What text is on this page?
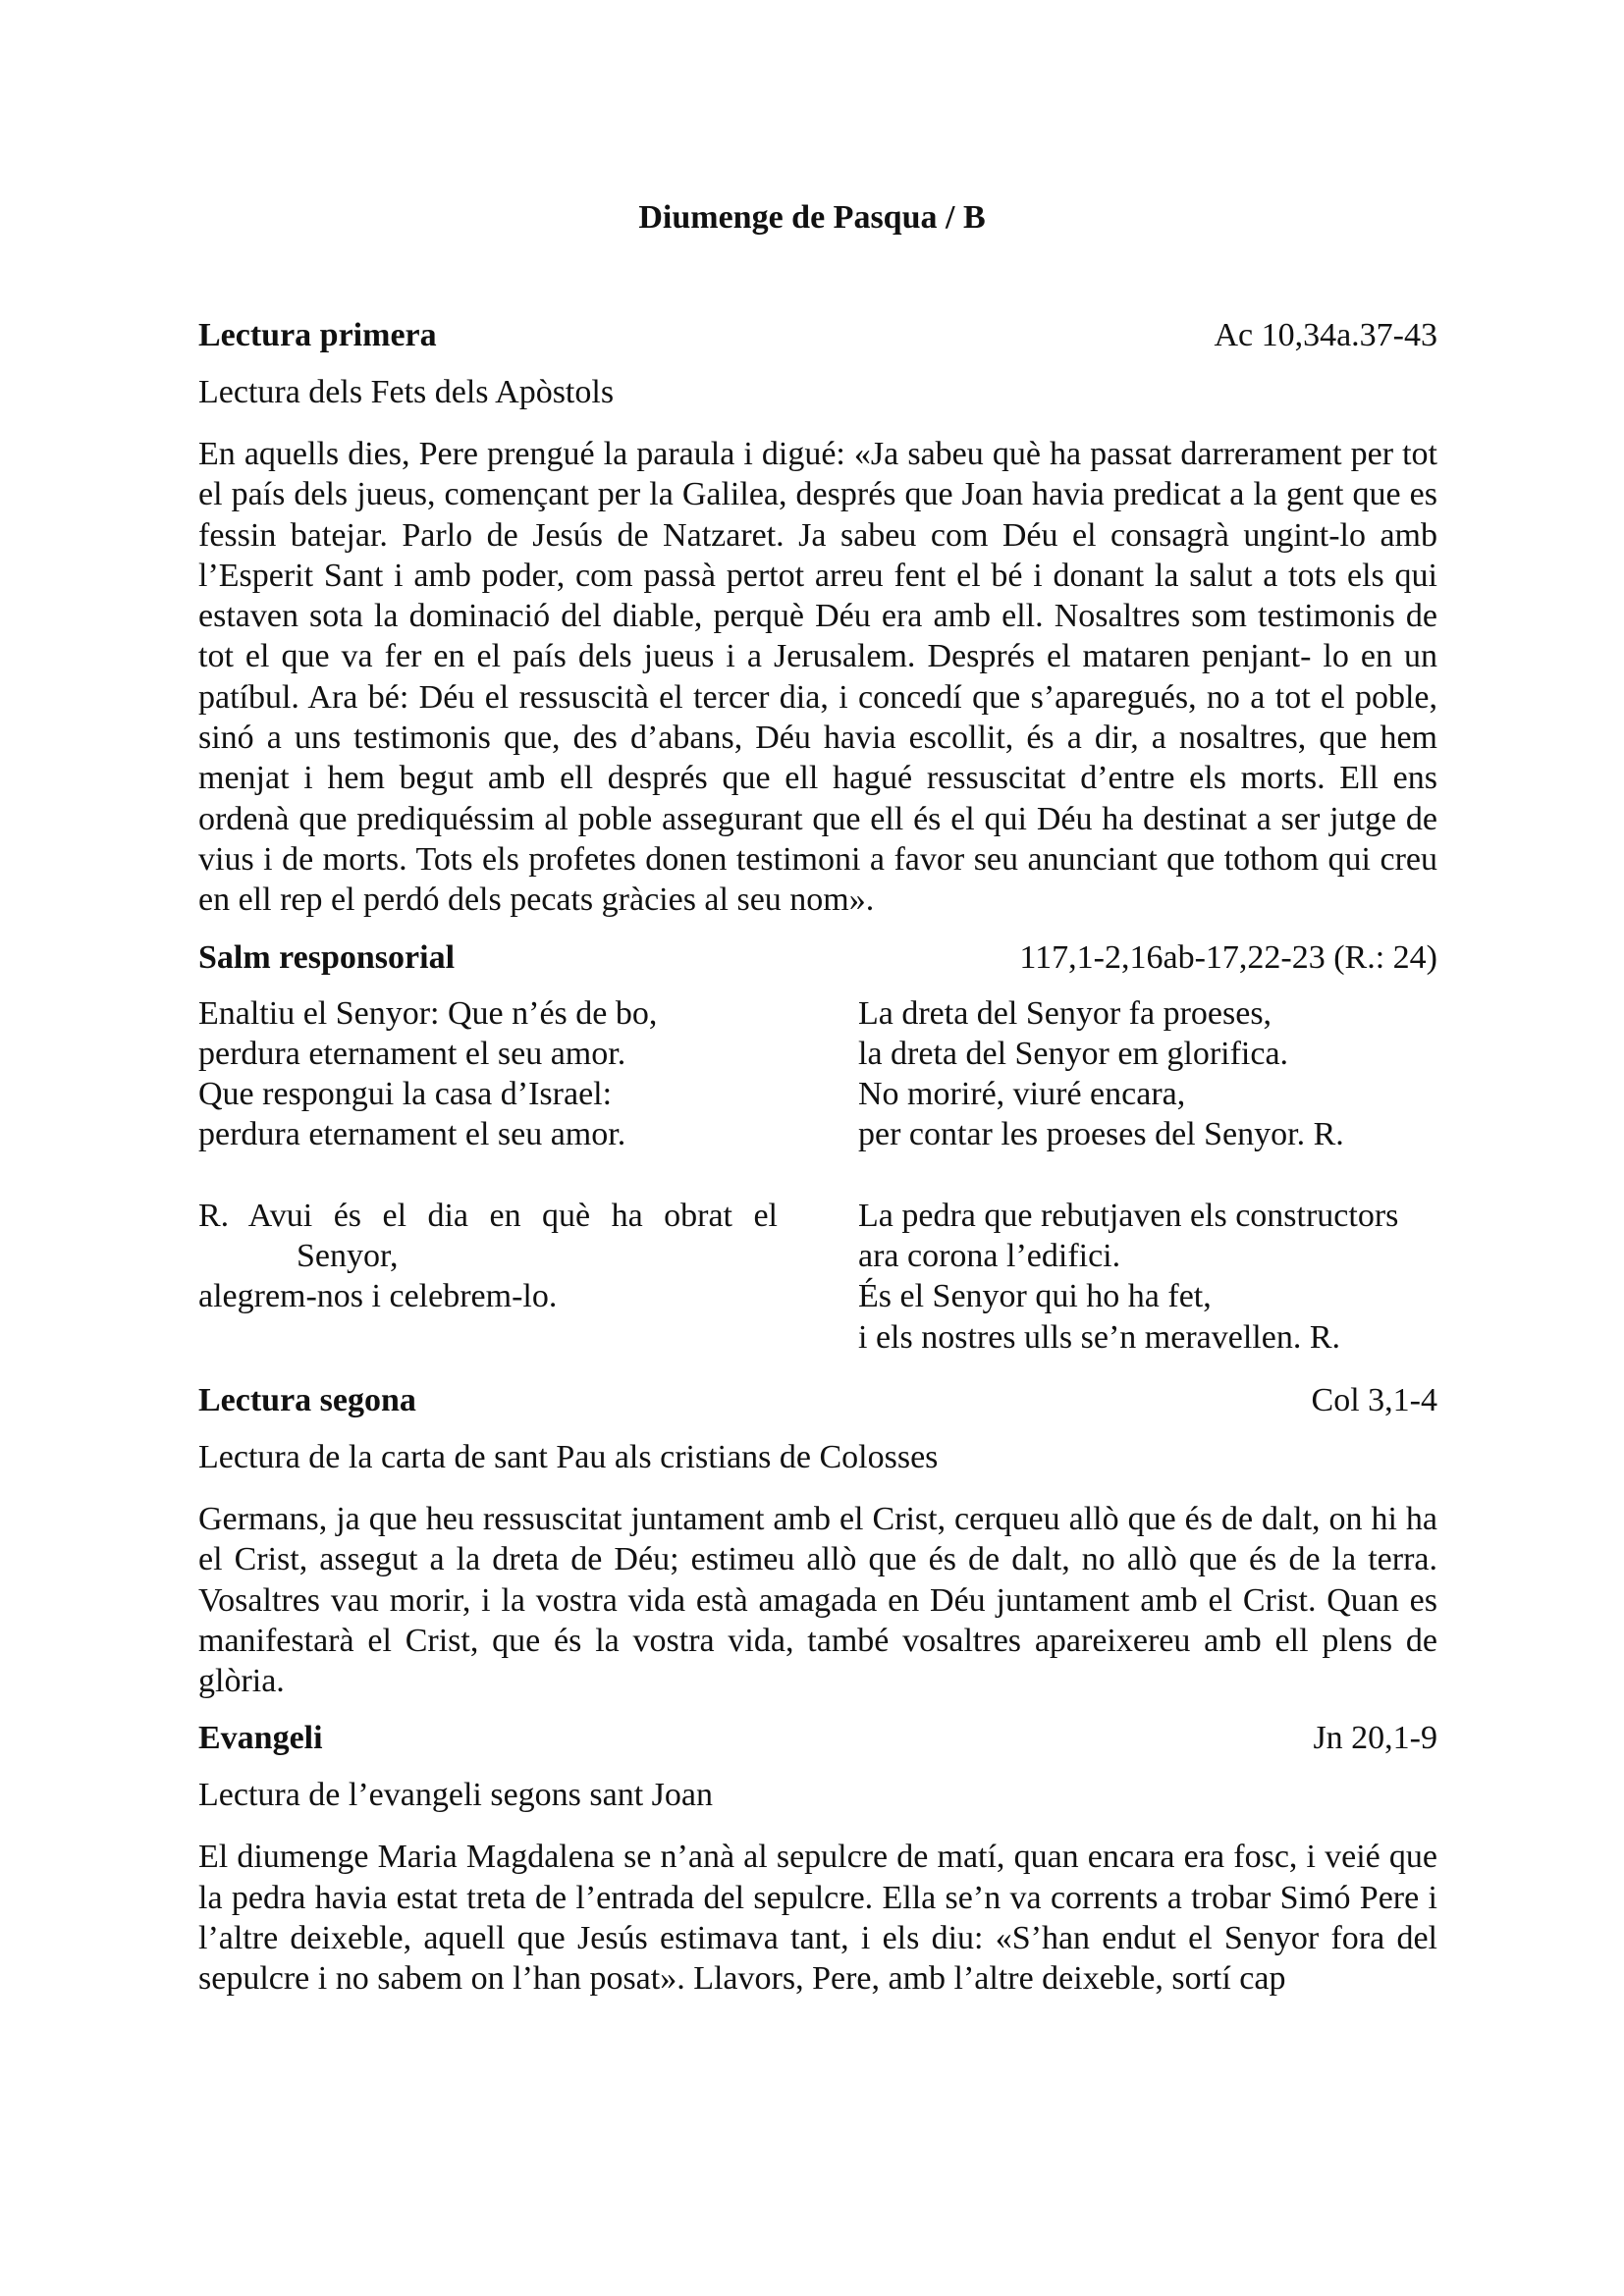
Diumenge de Pasqua / B
Lectura primera	Ac 10,34a.37-43
Lectura dels Fets dels Apòstols
En aquells dies, Pere prengué la paraula i digué: «Ja sabeu què ha passat darrerament per tot el país dels jueus, començant per la Galilea, després que Joan havia predicat a la gent que es fessin batejar. Parlo de Jesús de Natzaret. Ja sabeu com Déu el consagrà ungint-lo amb l’Esperit Sant i amb poder, com passà pertot arreu fent el bé i donant la salut a tots els qui estaven sota la dominació del diable, perquè Déu era amb ell. Nosaltres som testimonis de tot el que va fer en el país dels jueus i a Jerusalem. Després el mataren penjant- lo en un patíbul. Ara bé: Déu el ressuscità el tercer dia, i concedí que s’aparegués, no a tot el poble, sinó a uns testimonis que, des d’abans, Déu havia escollit, és a dir, a nosaltres, que hem menjat i hem begut amb ell després que ell hagué ressuscitat d’entre els morts. Ell ens ordenà que prediquéssim al poble assegurant que ell és el qui Déu ha destinat a ser jutge de vius i de morts. Tots els profetes donen testimoni a favor seu anunciant que tothom qui creu en ell rep el perdó dels pecats gràcies al seu nom».
Salm responsorial	117,1-2,16ab-17,22-23 (R.: 24)
Enaltiu el Senyor: Que n’és de bo,
perdura eternament el seu amor.
Que respongui la casa d’Israel:
perdura eternament el seu amor.
R. Avui és el dia en què ha obrat el
Senyor,
alegrem-nos i celebrem-lo.
La dreta del Senyor fa proeses,
la dreta del Senyor em glorifica.
No moriré, viuré encara,
per contar les proeses del Senyor. R.
La pedra que rebutjaven els constructors
ara corona l’edifici.
És el Senyor qui ho ha fet,
i els nostres ulls se’n meravellen. R.
Lectura segona	Col 3,1-4
Lectura de la carta de sant Pau als cristians de Colosses
Germans, ja que heu ressuscitat juntament amb el Crist, cerqueu allò que és de dalt, on hi ha el Crist, assegut a la dreta de Déu; estimeu allò que és de dalt, no allò que és de la terra. Vosaltres vau morir, i la vostra vida està amagada en Déu juntament amb el Crist. Quan es manifestarà el Crist, que és la vostra vida, també vosaltres apareixereu amb ell plens de glòria.
Evangeli	Jn 20,1-9
Lectura de l’evangeli segons sant Joan
El diumenge Maria Magdalena se n’anà al sepulcre de matí, quan encara era fosc, i veié que la pedra havia estat treta de l’entrada del sepulcre. Ella se’n va corrents a trobar Simó Pere i l’altre deixeble, aquell que Jesús estimava tant, i els diu: «S’han endut el Senyor fora del sepulcre i no sabem on l’han posat». Llavors, Pere, amb l’altre deixeble, sortí cap
